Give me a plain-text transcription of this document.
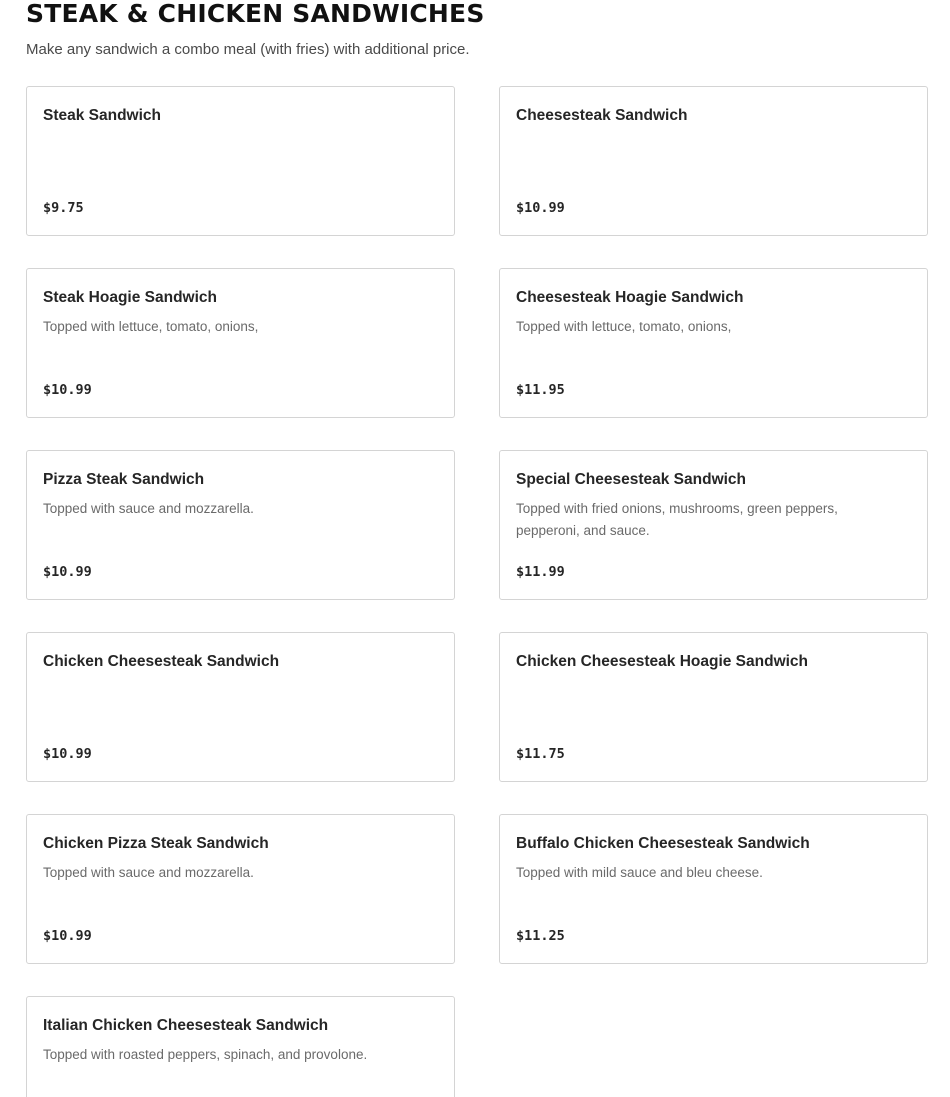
STEAK & CHICKEN SANDWICHES
Make any sandwich a combo meal (with fries) with additional price.
Steak Sandwich
$9.75
Cheesesteak Sandwich
$10.99
Steak Hoagie Sandwich
Topped with lettuce, tomato, onions,
$10.99
Cheesesteak Hoagie Sandwich
Topped with lettuce, tomato, onions,
$11.95
Pizza Steak Sandwich
Topped with sauce and mozzarella.
$10.99
Special Cheesesteak Sandwich
Topped with fried onions, mushrooms, green peppers, pepperoni, and sauce.
$11.99
Chicken Cheesesteak Sandwich
$10.99
Chicken Cheesesteak Hoagie Sandwich
$11.75
Chicken Pizza Steak Sandwich
Topped with sauce and mozzarella.
$10.99
Buffalo Chicken Cheesesteak Sandwich
Topped with mild sauce and bleu cheese.
$11.25
Italian Chicken Cheesesteak Sandwich
Topped with roasted peppers, spinach, and provolone.
